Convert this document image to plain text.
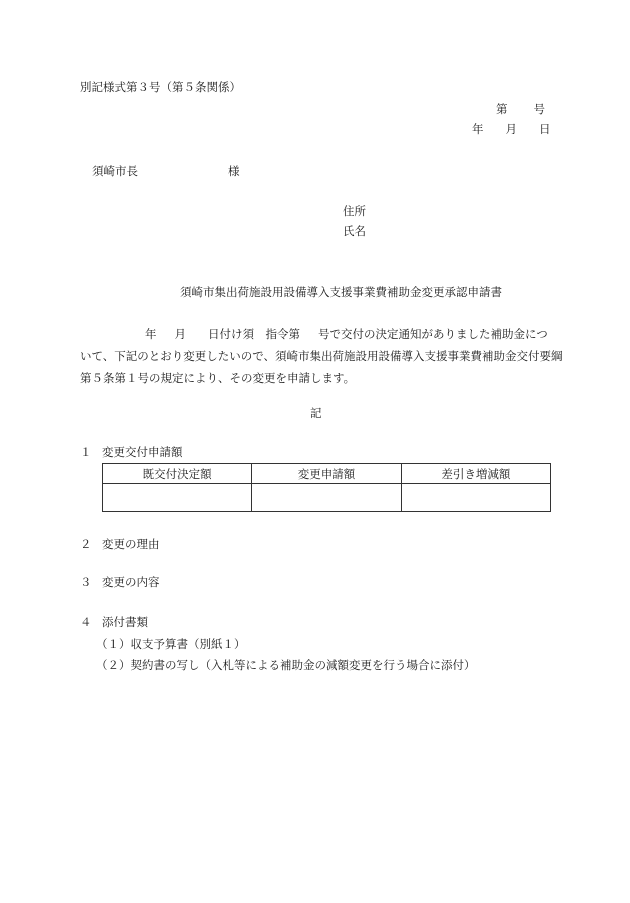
別記様式第３号（第５条関係）
第 号
年 月 日
須崎市長	様
住所
氏名
須崎市集出荷施設用設備導入支援事業費補助金変更承認申請書

年 月 日付け須　指令第 号で交付の決定通知がありました補助金につ

いて、下記のとおり変更したいので、須崎市集出荷施設用設備導入支援事業費補助金交付要綱

第５条第１号の規定により、その変更を申請します。

記
１ 変更交付申請額
既交付決定額	変更申請額	差引き増減額

２ 変更の理由
３ 変更の内容
４ 添付書類
（１）収支予算書（別紙１）
（２）契約書の写し（入札等による補助金の減額変更を行う場合に添付）
